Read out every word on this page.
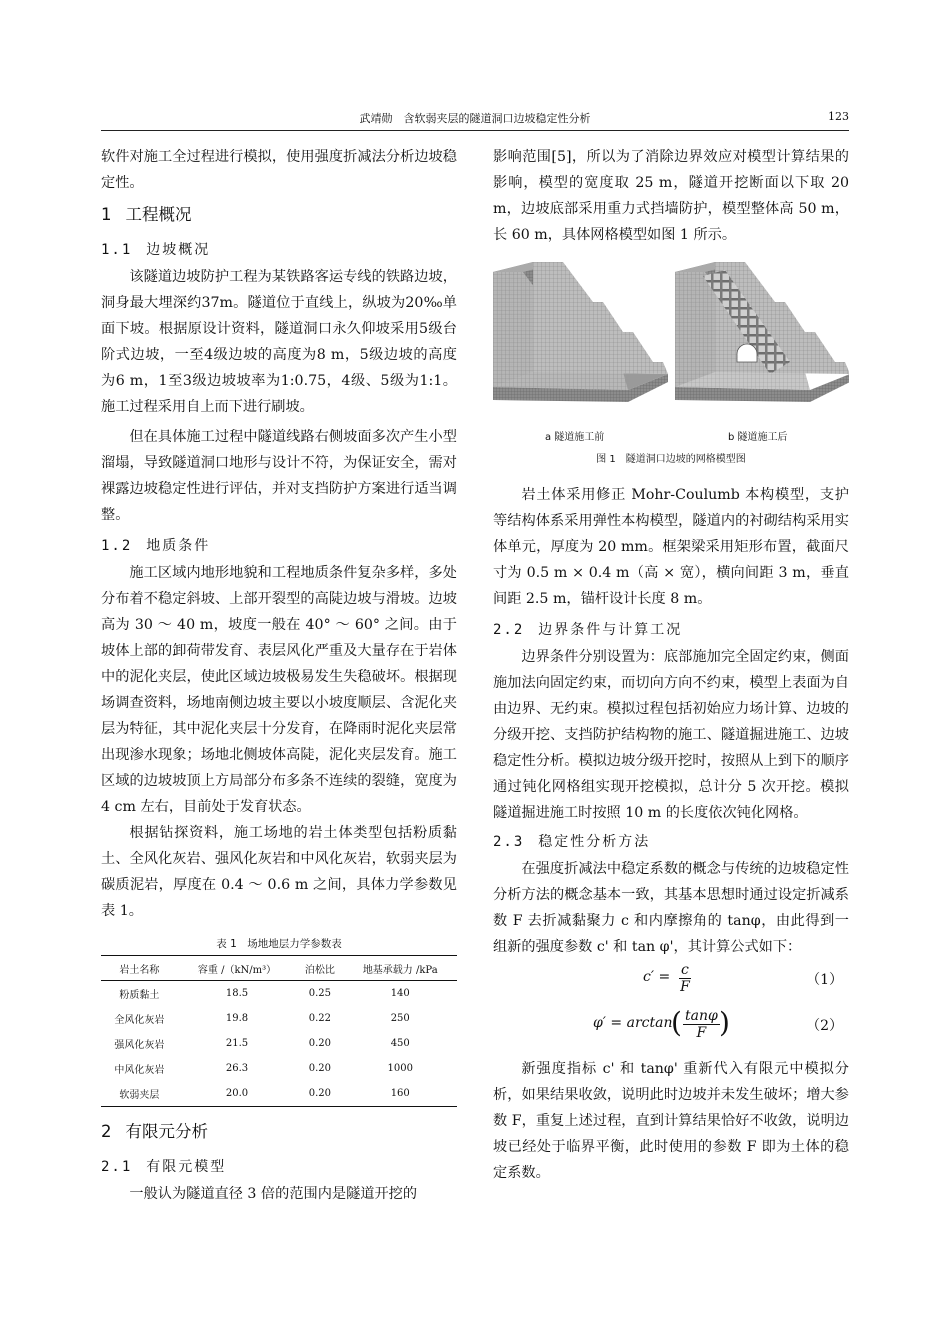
武靖勋　含软弱夹层的隧道洞口边坡稳定性分析	123

软件对施工全过程进行模拟，使用强度折减法分析边坡稳定性。

1 工程概况
1.1 边坡概况

该隧道边坡防护工程为某铁路客运专线的铁路边坡，洞身最大埋深约37m。隧道位于直线上，纵坡为20‰单面下坡。根据原设计资料，隧道洞口永久仰坡采用5级台阶式边坡，一至4级边坡的高度为8 m，5级边坡的高度为6 m，1至3级边坡坡率为1:0.75，4级、5级为1:1。施工过程采用自上而下进行刷坡。

但在具体施工过程中隧道线路右侧坡面多次产生小型溜塌，导致隧道洞口地形与设计不符，为保证安全，需对裸露边坡稳定性进行评估，并对支挡防护方案进行适当调整。

1.2 地质条件

施工区域内地形地貌和工程地质条件复杂多样，多处分布着不稳定斜坡、上部开裂型的高陡边坡与滑坡。边坡高为 30 ～ 40 m，坡度一般在 40° ～ 60° 之间。由于坡体上部的卸荷带发育、表层风化严重及大量存在于岩体中的泥化夹层，使此区域边坡极易发生失稳破坏。根据现场调查资料，场地南侧边坡主要以小坡度顺层、含泥化夹层为特征，其中泥化夹层十分发育，在降雨时泥化夹层常出现渗水现象；场地北侧坡体高陡，泥化夹层发育。施工区域的边坡坡顶上方局部分布多条不连续的裂缝，宽度为 4 cm 左右，目前处于发育状态。

根据钻探资料，施工场地的岩土体类型包括粉质黏土、全风化灰岩、强风化灰岩和中风化灰岩，软弱夹层为碳质泥岩，厚度在 0.4 ～ 0.6 m 之间，具体力学参数见表 1。

表 1　场地地层力学参数表
岩土名称	容重 /（kN/m³）	泊松比	地基承载力 /kPa
粉质黏土	18.5	0.25	140
全风化灰岩	19.8	0.22	250
强风化灰岩	21.5	0.20	450
中风化灰岩	26.3	0.20	1000
软弱夹层	20.0	0.20	160
2 有限元分析
2.1 有限元模型

一般认为隧道直径 3 倍的范围内是隧道开挖的

影响范围[5]，所以为了消除边界效应对模型计算结果的影响，模型的宽度取 25 m，隧道开挖断面以下取 20 m，边坡底部采用重力式挡墙防护，模型整体高 50 m，长 60 m，具体网格模型如图 1 所示。

a 隧道施工前	b 隧道施工后
图 1　隧道洞口边坡的网格模型图

岩土体采用修正 Mohr-Coulumb 本构模型，支护等结构体系采用弹性本构模型，隧道内的衬砌结构采用实体单元，厚度为 20 mm。框架梁采用矩形布置，截面尺寸为 0.5 m × 0.4 m（高 × 宽），横向间距 3 m，垂直间距 2.5 m，锚杆设计长度 8 m。

2.2 边界条件与计算工况

边界条件分别设置为：底部施加完全固定约束，侧面施加法向固定约束，而切向方向不约束，模型上表面为自由边界、无约束。模拟过程包括初始应力场计算、边坡的分级开挖、支挡防护结构物的施工、隧道掘进施工、边坡稳定性分析。模拟边坡分级开挖时，按照从上到下的顺序通过钝化网格组实现开挖模拟，总计分 5 次开挖。模拟隧道掘进施工时按照 10 m 的长度依次钝化网格。

2.3 稳定性分析方法

在强度折减法中稳定系数的概念与传统的边坡稳定性分析方法的概念基本一致，其基本思想时通过设定折减系数 F 去折减黏聚力 c 和内摩擦角的 tanφ，由此得到一组新的强度参数 c' 和 tan φ'，其计算公式如下：

$c' = \frac{c}{F}$	（1）
φ′ = arctan
( $\frac{\tan\varphi}{F}$ )	（2）

新强度指标 c' 和 tanφ' 重新代入有限元中模拟分析，如果结果收敛，说明此时边坡并未发生破坏；增大参数 F，重复上述过程，直到计算结果恰好不收敛，说明边坡已经处于临界平衡，此时使用的参数 F 即为土体的稳定系数。
